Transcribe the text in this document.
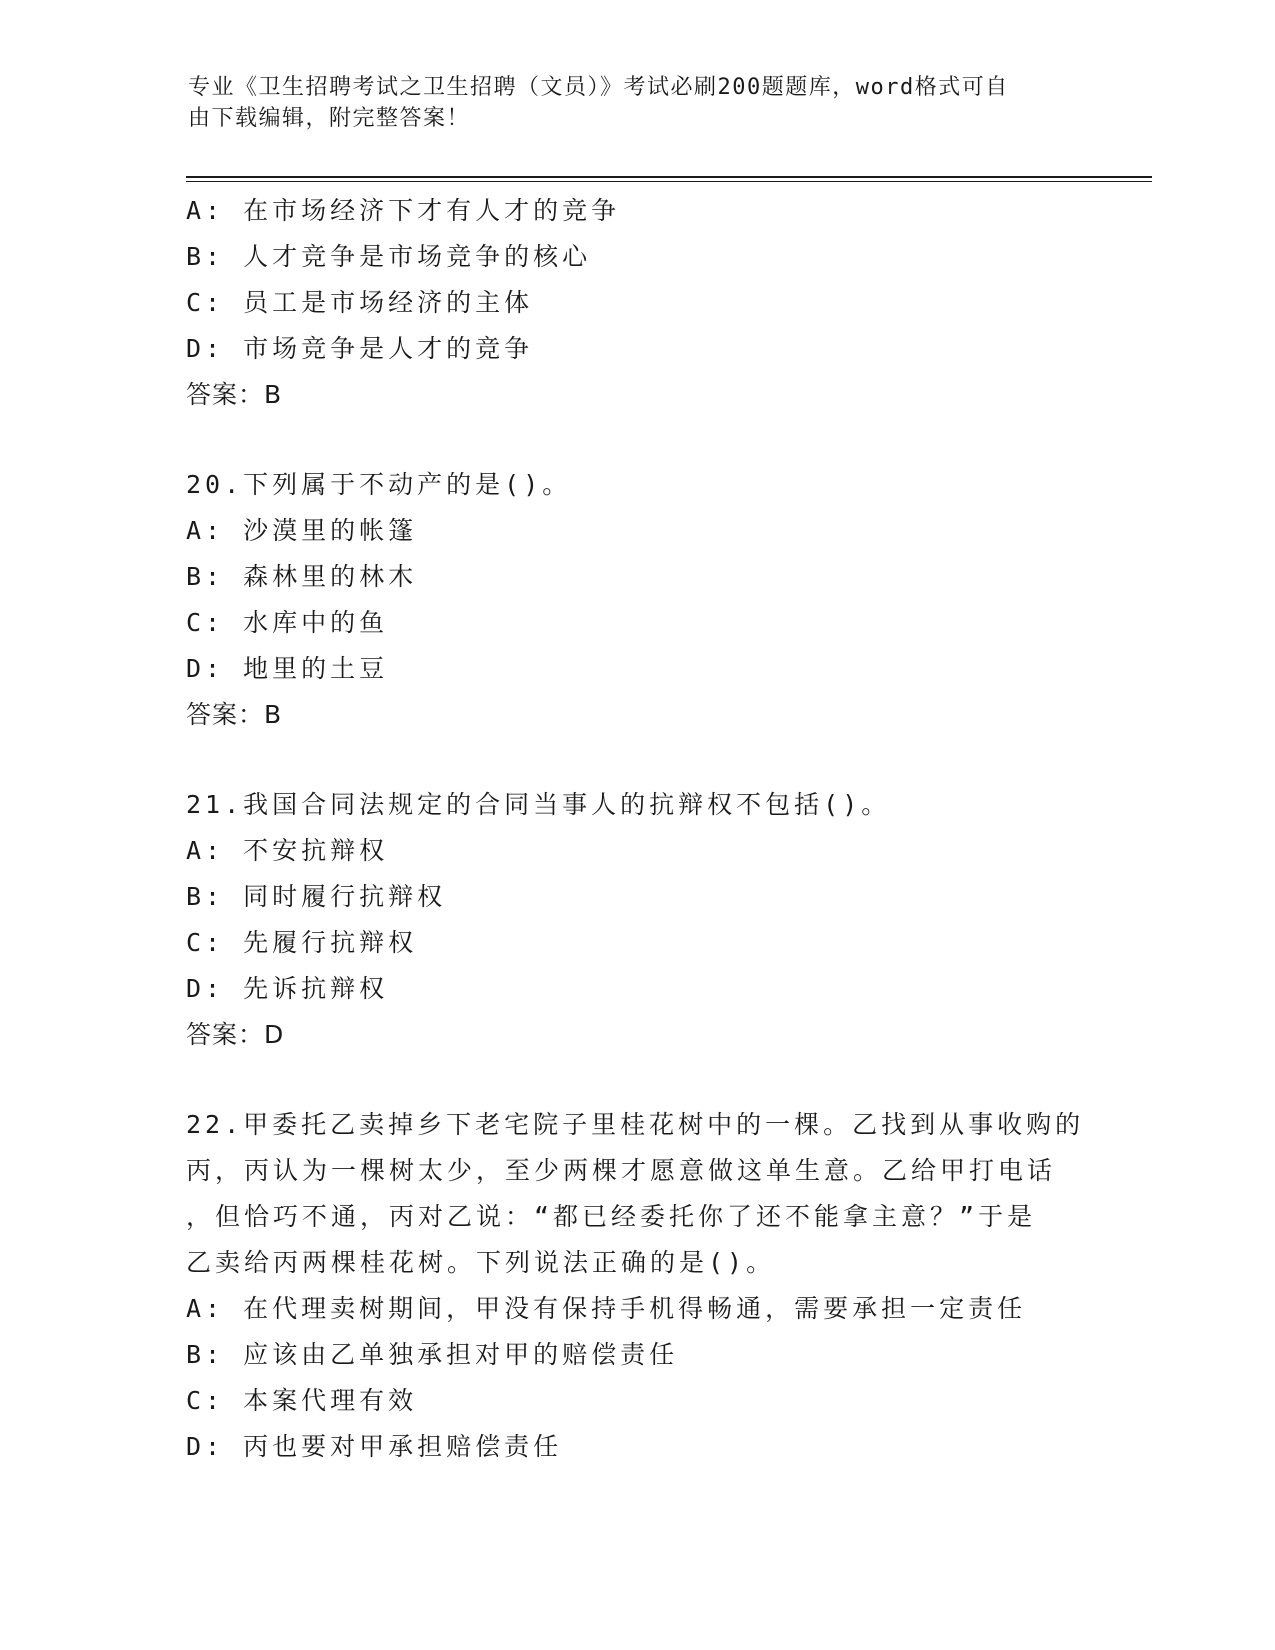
专业《卫生招聘考试之卫生招聘（文员）》考试必刷200题题库，word格式可自
由下载编辑，附完整答案！
A: 在市场经济下才有人才的竞争
B: 人才竞争是市场竞争的核心
C: 员工是市场经济的主体
D: 市场竞争是人才的竞争
答案：B
20.下列属于不动产的是()。
A: 沙漠里的帐篷
B: 森林里的林木
C: 水库中的鱼
D: 地里的土豆
答案：B
21.我国合同法规定的合同当事人的抗辩权不包括()。
A: 不安抗辩权
B: 同时履行抗辩权
C: 先履行抗辩权
D: 先诉抗辩权
答案：D
22.甲委托乙卖掉乡下老宅院子里桂花树中的一棵。乙找到从事收购的
丙，丙认为一棵树太少，至少两棵才愿意做这单生意。乙给甲打电话
，但恰巧不通，丙对乙说：“都已经委托你了还不能拿主意？”于是
乙卖给丙两棵桂花树。下列说法正确的是()。
A: 在代理卖树期间，甲没有保持手机得畅通，需要承担一定责任
B: 应该由乙单独承担对甲的赔偿责任
C: 本案代理有效
D: 丙也要对甲承担赔偿责任
